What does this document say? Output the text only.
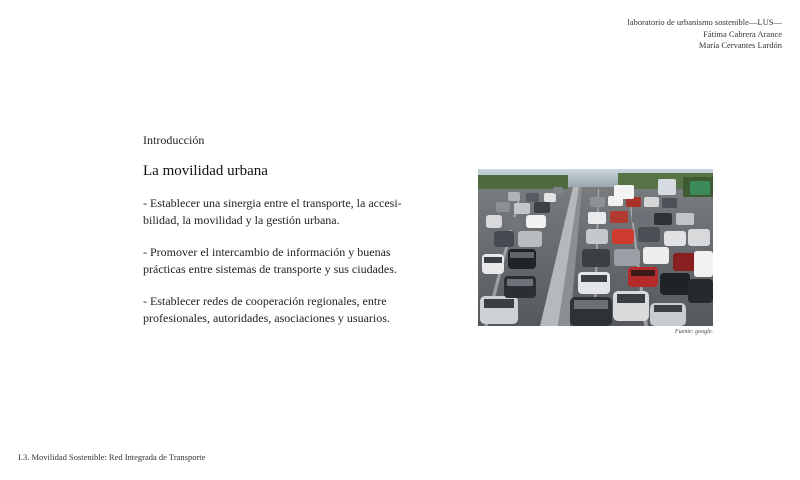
laboratorio de urbanismo sostenible—LUS—
Fátima Cabrera Arance
María Cervantes Lardón
Introducción
La movilidad urbana
- Establecer una sinergia entre el transporte, la accesi-
bilidad, la movilidad y la gestión urbana.
- Promover el intercambio de información y buenas
prácticas entre sistemas de transporte y sus ciudades.
- Establecer redes de cooperación regionales, entre
profesionales, autoridades, asociaciones y usuarios.
Fuente: google.
I.3. Movilidad Sostenible: Red Integrada de Transporte
